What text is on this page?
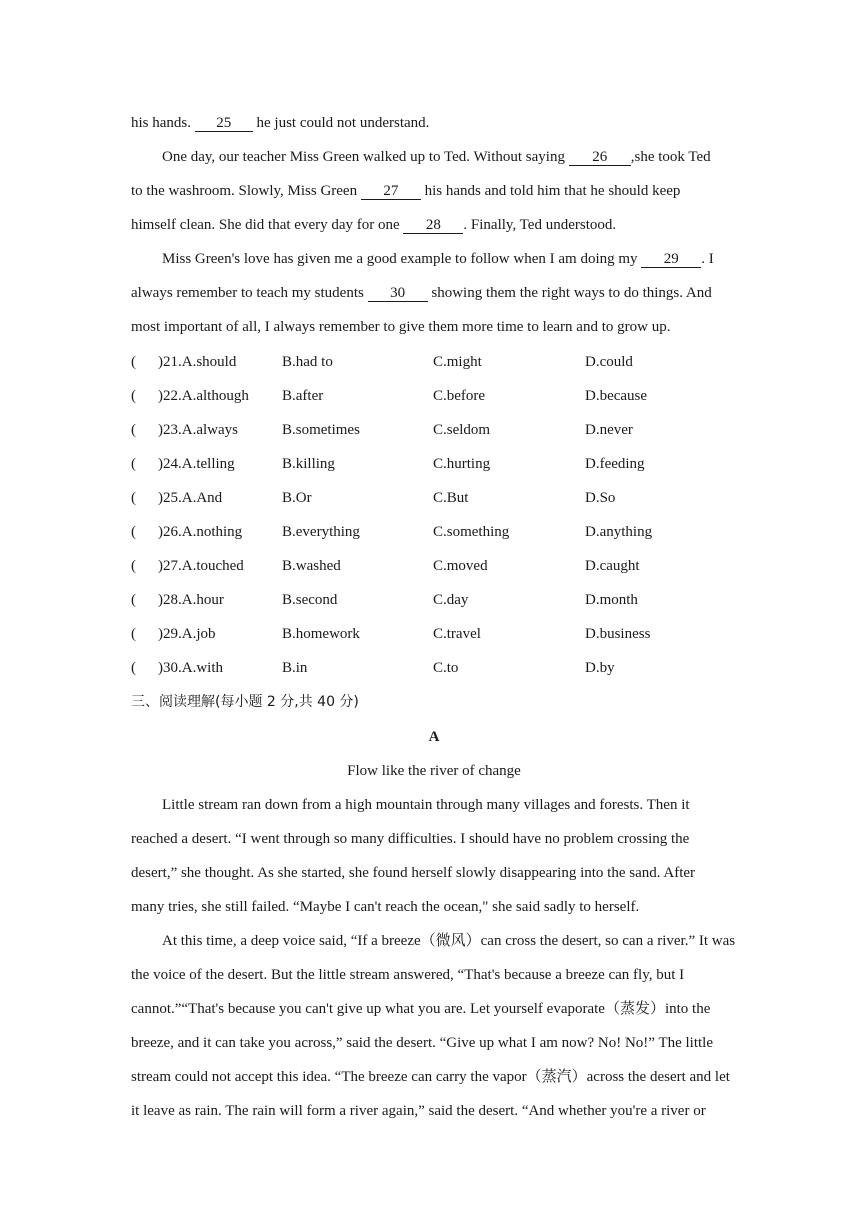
his hands. 25 he just could not understand.
One day, our teacher Miss Green walked up to Ted. Without saying 26 ,she took Ted
to the washroom. Slowly, Miss Green 27 his hands and told him that he should keep
himself clean. She did that every day for one 28 . Finally, Ted understood.
Miss Green's love has given me a good example to follow when I am doing my 29 . I
always remember to teach my students 30 showing them the right ways to do things. And
most important of all, I always remember to give them more time to learn and to grow up.
( )21.A.should	B.had to	C.might	D.could
( )22.A.although B.after	C.before	D.because
( )23.A.always	B.sometimes	C.seldom	D.never
( )24.A.telling	B.killing	C.hurting	D.feeding
( )25.A.And	B.Or	C.But	D.So
( )26.A.nothing	B.everything	C.something	D.anything
( )27.A.touched	B.washed	C.moved	D.caught
( )28.A.hour	B.second	C.day	D.month
( )29.A.job	B.homework	C.travel	D.business
( )30.A.with	B.in	C.to	D.by
三、阅读理解(每小题 2 分,共 40 分)
A
Flow like the river of change
Little stream ran down from a high mountain through many villages and forests. Then it
reached a desert. “I went through so many difficulties. I should have no problem crossing the
desert,” she thought. As she started, she found herself slowly disappearing into the sand. After
many tries, she still failed. “Maybe I can't reach the ocean," she said sadly to herself.
At this time, a deep voice said, “If a breeze（微风）can cross the desert, so can a river.” It was
the voice of the desert. But the little stream answered, “That's because a breeze can fly, but I
cannot.”“That's because you can't give up what you are. Let yourself evaporate（蒸发）into the
breeze, and it can take you across,” said the desert. “Give up what I am now? No! No!” The little
stream could not accept this idea. “The breeze can carry the vapor（蒸汽）across the desert and let
it leave as rain. The rain will form a river again,” said the desert. “And whether you're a river or
